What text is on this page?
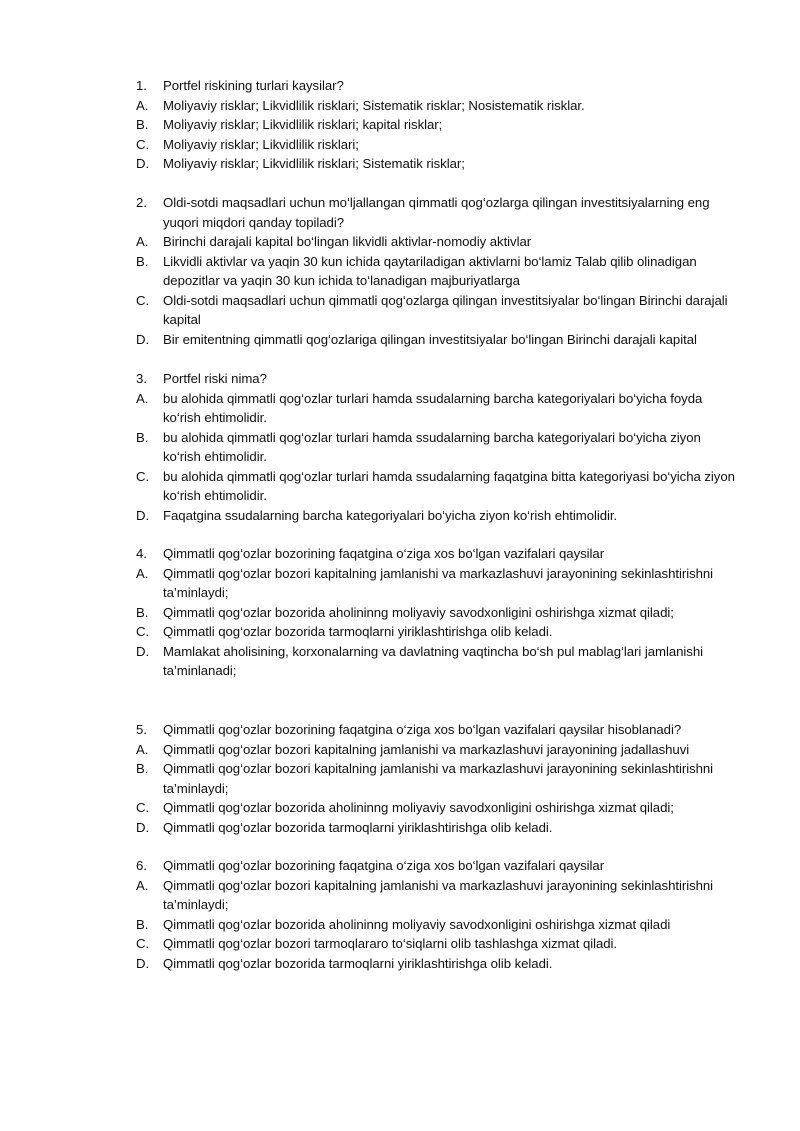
1.	Portfel riskining turlari kaysilar?
A.	Moliyaviy risklar; Likvidlilik risklari; Sistematik risklar; Nosistematik risklar.
B.	Moliyaviy risklar; Likvidlilik risklari; kapital risklar;
C.	Moliyaviy risklar; Likvidlilik risklari;
D.	Moliyaviy risklar; Likvidlilik risklari; Sistematik risklar;
2.	Oldi-sotdi maqsadlari uchun mo‘ljallangan qimmatli qog‘ozlarga qilingan investitsiyalarning eng yuqori miqdori qanday topiladi?
A.	Birinchi darajali kapital bo‘lingan likvidli aktivlar-nomodiy aktivlar
B.	Likvidli aktivlar va yaqin 30 kun ichida qaytariladigan aktivlarni bo‘lamiz Talab qilib olinadigan depozitlar va yaqin 30 kun ichida to‘lanadigan majburiyatlarga
C.	Oldi-sotdi maqsadlari uchun qimmatli qog‘ozlarga qilingan investitsiyalar bo‘lingan Birinchi darajali kapital
D.	Bir emitentning qimmatli qog‘ozlariga qilingan investitsiyalar bo‘lingan Birinchi darajali kapital
3.	Portfel riski nima?
A.	bu alohida qimmatli qog‘ozlar turlari hamda ssudalarning barcha kategoriyalari bo‘yicha foyda ko‘rish ehtimolidir.
B.	bu alohida qimmatli qog‘ozlar turlari hamda ssudalarning barcha kategoriyalari bo‘yicha ziyon ko‘rish ehtimolidir.
C.	bu alohida qimmatli qog‘ozlar turlari hamda ssudalarning faqatgina bitta kategoriyasi bo‘yicha ziyon ko‘rish ehtimolidir.
D.	Faqatgina ssudalarning barcha kategoriyalari bo‘yicha ziyon ko‘rish ehtimolidir.
4.	Qimmatli qog‘ozlar bozorining faqatgina o‘ziga xos bo‘lgan vazifalari qaysilar
A.	Qimmatli qog‘ozlar bozori kapitalning jamlanishi va markazlashuvi jarayonining sekinlashtirishni ta’minlaydi;
B.	Qimmatli qog‘ozlar bozorida aholininng moliyaviy savodxonligini oshirishga xizmat qiladi;
C.	Qimmatli qog‘ozlar bozorida tarmoqlarni yiriklashtirishga olib keladi.
D.	Mamlakat aholisining, korxonalarning va davlatning vaqtincha bo‘sh pul mablag‘lari jamlanishi ta’minlanadi;
5.	Qimmatli qog‘ozlar bozorining faqatgina o‘ziga xos bo‘lgan vazifalari qaysilar hisoblanadi?
A.	Qimmatli qog‘ozlar bozori kapitalning jamlanishi va markazlashuvi jarayonining jadallashuvi
B.	Qimmatli qog‘ozlar bozori kapitalning jamlanishi va markazlashuvi jarayonining sekinlashtirishni ta’minlaydi;
C.	Qimmatli qog‘ozlar bozorida aholininng moliyaviy savodxonligini oshirishga xizmat qiladi;
D.	Qimmatli qog‘ozlar bozorida tarmoqlarni yiriklashtirishga olib keladi.
6.	Qimmatli qog‘ozlar bozorining faqatgina o‘ziga xos bo‘lgan vazifalari qaysilar
A.	Qimmatli qog‘ozlar bozori kapitalning jamlanishi va markazlashuvi jarayonining sekinlashtirishni ta’minlaydi;
B.	Qimmatli qog‘ozlar bozorida aholininng moliyaviy savodxonligini oshirishga xizmat qiladi
C.	Qimmatli qog‘ozlar bozori tarmoqlararo to‘siqlarni olib tashlashga xizmat qiladi.
D.	Qimmatli qog‘ozlar bozorida tarmoqlarni yiriklashtirishga olib keladi.
